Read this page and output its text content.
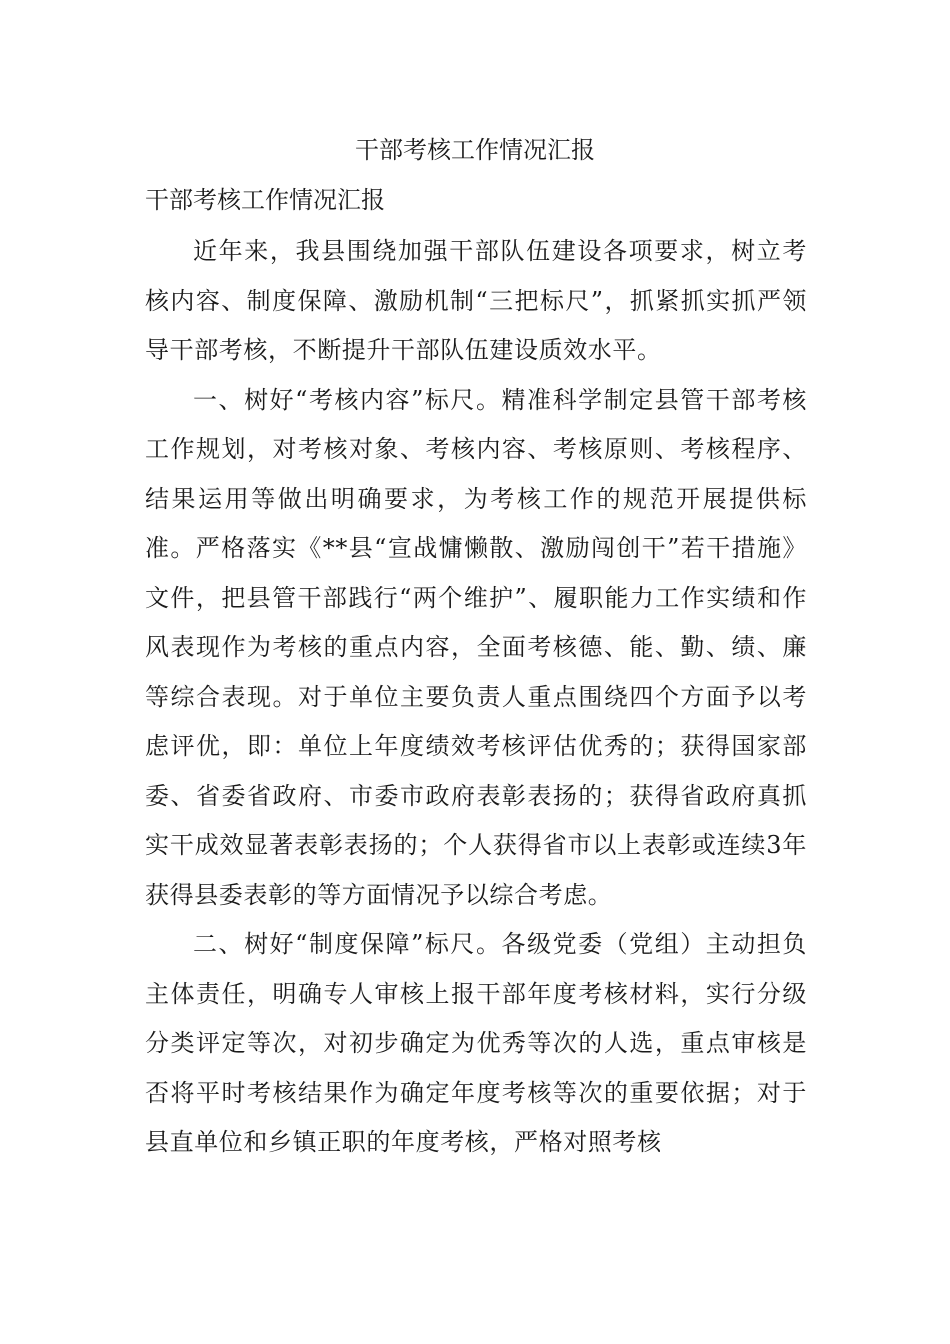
干部考核工作情况汇报

干部考核工作情况汇报

近年来，我县围绕加强干部队伍建设各项要求，树立考核内容、制度保障、激励机制“三把标尺”，抓紧抓实抓严领导干部考核，不断提升干部队伍建设质效水平。

一、树好“考核内容”标尺。精准科学制定县管干部考核工作规划，对考核对象、考核内容、考核原则、考核程序、结果运用等做出明确要求，为考核工作的规范开展提供标准。严格落实《**县“宣战慵懒散、激励闯创干”若干措施》文件，把县管干部践行“两个维护”、履职能力工作实绩和作风表现作为考核的重点内容，全面考核德、能、勤、绩、廉等综合表现。对于单位主要负责人重点围绕四个方面予以考虑评优，即：单位上年度绩效考核评估优秀的；获得国家部委、省委省政府、市委市政府表彰表扬的；获得省政府真抓实干成效显著表彰表扬的；个人获得省市以上表彰或连续3年获得县委表彰的等方面情况予以综合考虑。

二、树好“制度保障”标尺。各级党委（党组）主动担负主体责任，明确专人审核上报干部年度考核材料，实行分级分类评定等次，对初步确定为优秀等次的人选，重点审核是否将平时考核结果作为确定年度考核等次的重要依据；对于县直单位和乡镇正职的年度考核，严格对照考核
